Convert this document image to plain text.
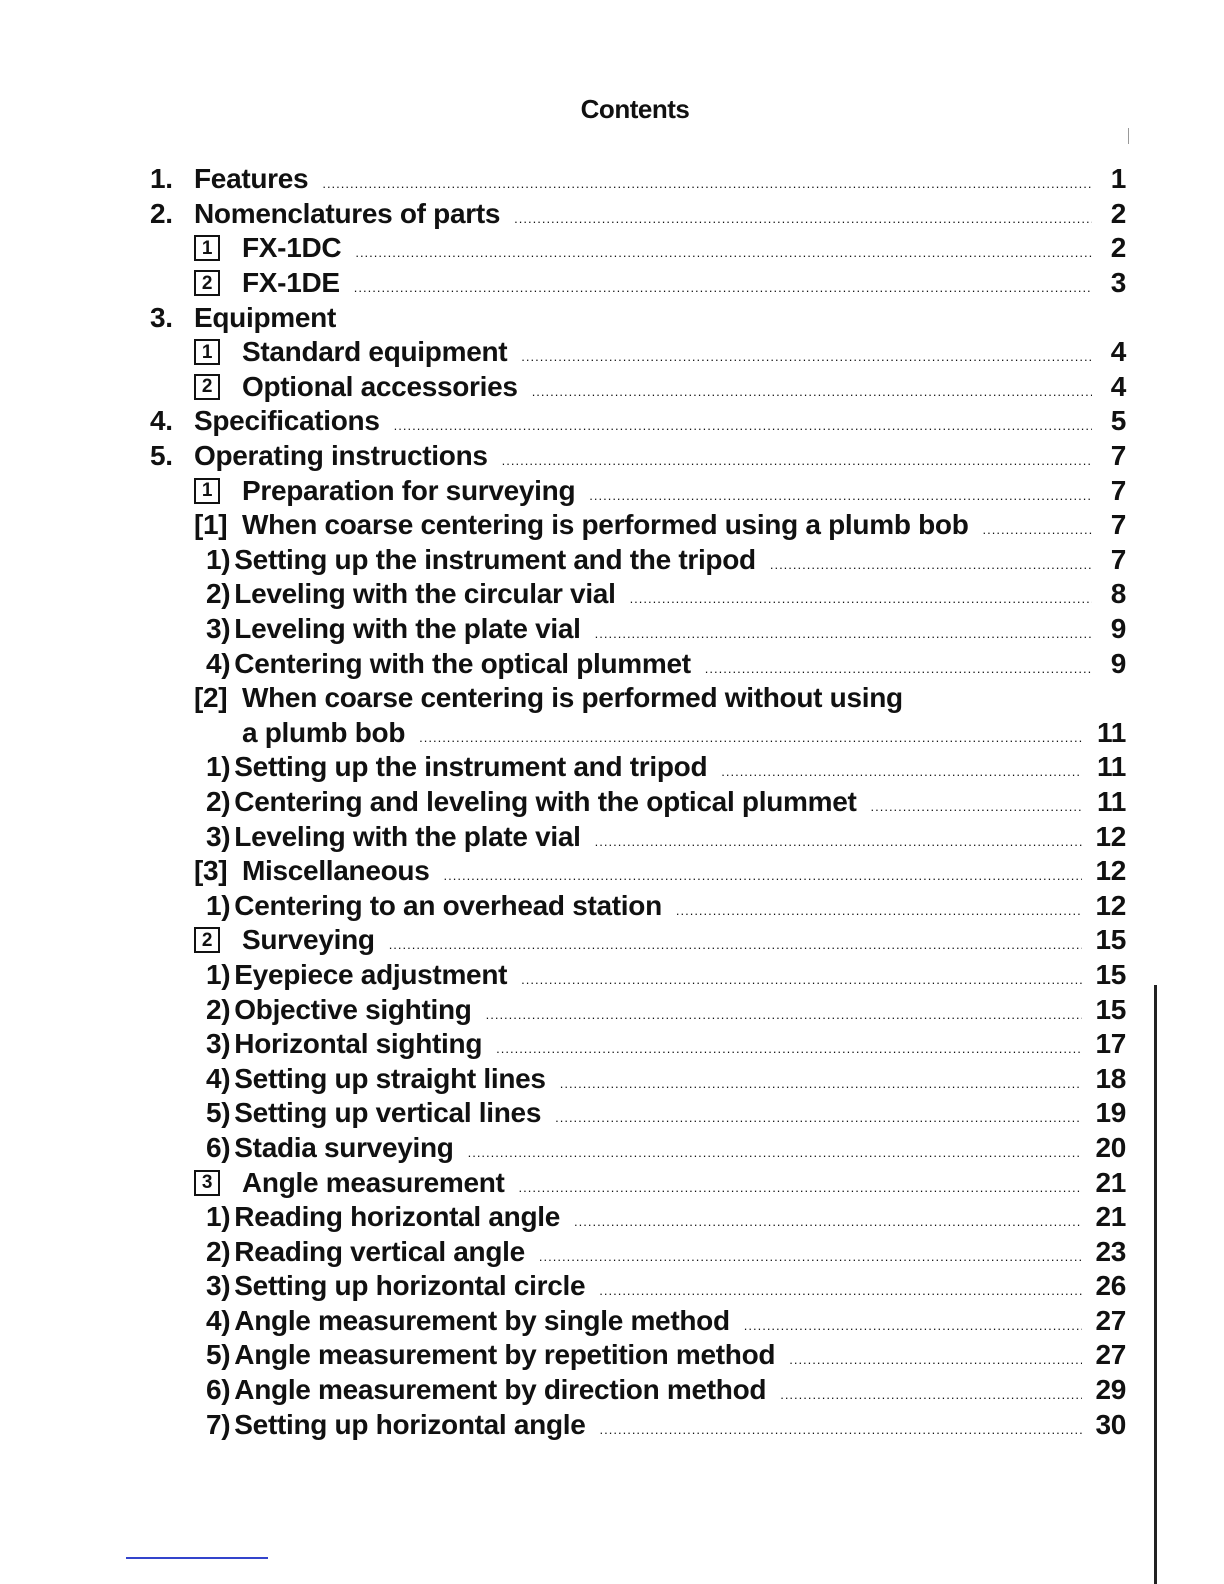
Contents
1. Features .....	1
2. Nomenclatures of parts .....	2
1 FX-1DC .....	2
2 FX-1DE .....	3
3. Equipment
1 Standard equipment .....	4
2 Optional accessories .....	4
4. Specifications .....	5
5. Operating instructions .....	7
1 Preparation for surveying .....	7
[1] When coarse centering is performed using a plumb bob .....	7
1) Setting up the instrument and the tripod .....	7
2) Leveling with the circular vial .....	8
3) Leveling with the plate vial .....	9
4) Centering with the optical plummet .....	9
[2] When coarse centering is performed without using
a plumb bob .....	11
1) Setting up the instrument and tripod .....	11
2) Centering and leveling with the optical plummet .....	11
3) Leveling with the plate vial .....	12
[3] Miscellaneous .....	12
1) Centering to an overhead station .....	12
2 Surveying .....	15
1) Eyepiece adjustment .....	15
2) Objective sighting .....	15
3) Horizontal sighting .....	17
4) Setting up straight lines .....	18
5) Setting up vertical lines .....	19
6) Stadia surveying .....	20
3 Angle measurement .....	21
1) Reading horizontal angle .....	21
2) Reading vertical angle .....	23
3) Setting up horizontal circle .....	26
4) Angle measurement by single method .....	27
5) Angle measurement by repetition method .....	27
6) Angle measurement by direction method .....	29
7) Setting up horizontal angle .....	30
